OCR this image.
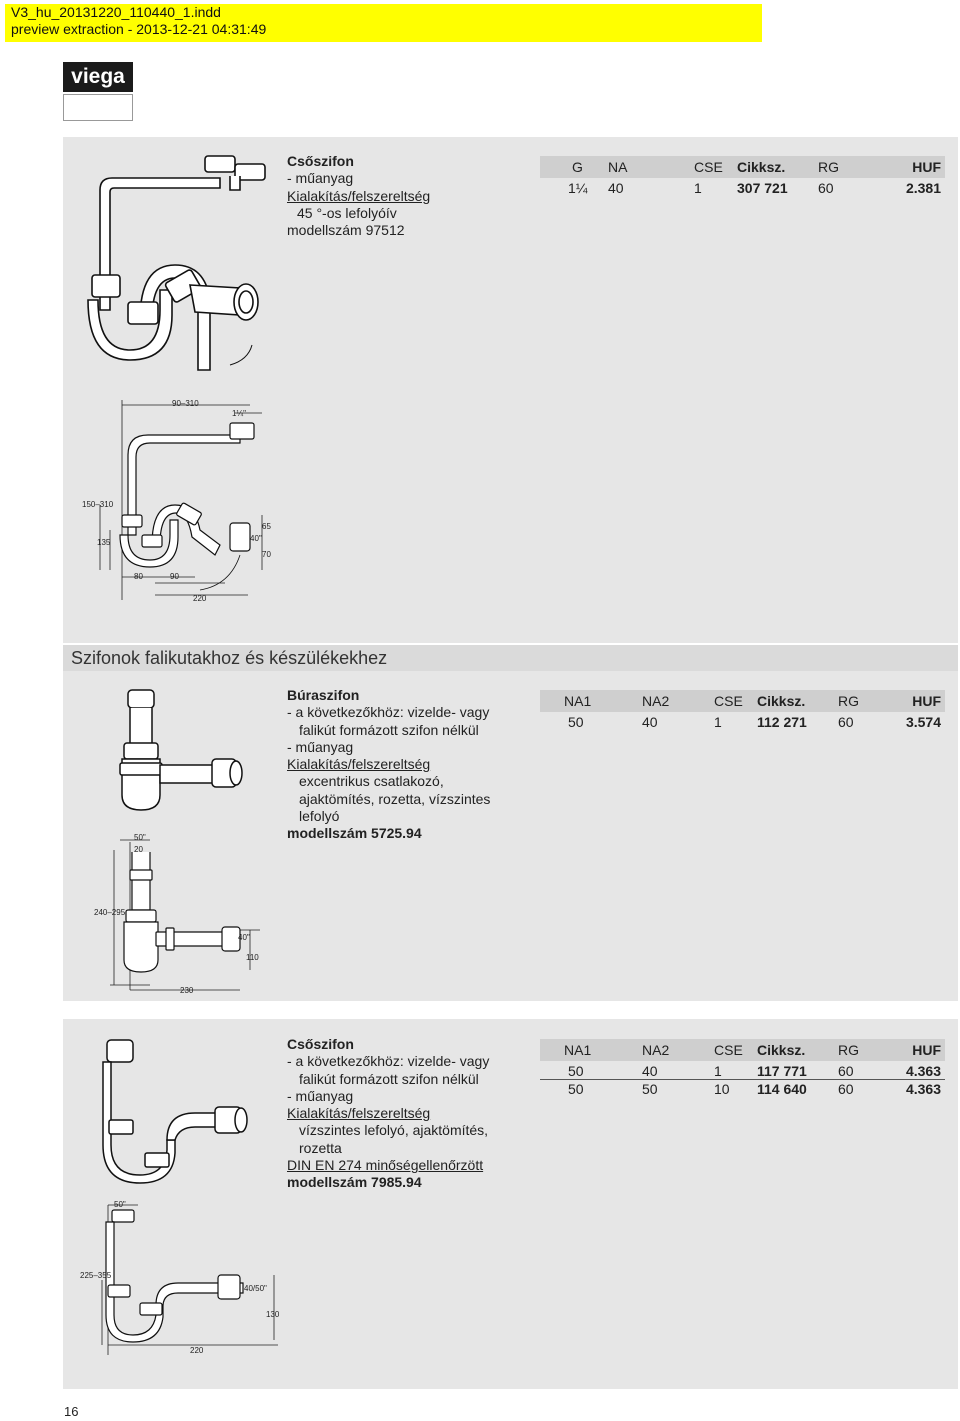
V3_hu_20131220_110440_1.indd
preview extraction - 2013-12-21 04:31:49
viega
Szifonok falikutakhoz és készülékekhez
Csőszifon
- műanyag
Kialakítás/felszereltség
45 °-os lefolyóív
modellszám 97512
G	NA	CSE	Cikksz.	RG	HUF
1¼	40	1	307 721	60	2.381
90–310
1¼"
150–310
135
65
40"
70
80	90
220
Búraszifon
- a következőkhöz: vizelde- vagy
falikút formázott szifon nélkül
- műanyag
Kialakítás/felszereltség
excentrikus csatlakozó,
ajaktömítés, rozetta, vízszintes
lefolyó
modellszám 5725.94
NA1	NA2	CSE	Cikksz.	RG	HUF
50	40	1	112 271	60	3.574
50"
20
240–295
40"
110
230
Csőszifon
- a következőkhöz: vizelde- vagy
falikút formázott szifon nélkül
- műanyag
Kialakítás/felszereltség
vízszintes lefolyó, ajaktömítés,
rozetta
DIN EN 274 minőségellenőrzött
modellszám 7985.94
NA1	NA2	CSE	Cikksz.	RG	HUF
50	40	1	117 771	60	4.363
50	50	10	114 640	60	4.363
50"
225–355
40/50"
130
220
16
